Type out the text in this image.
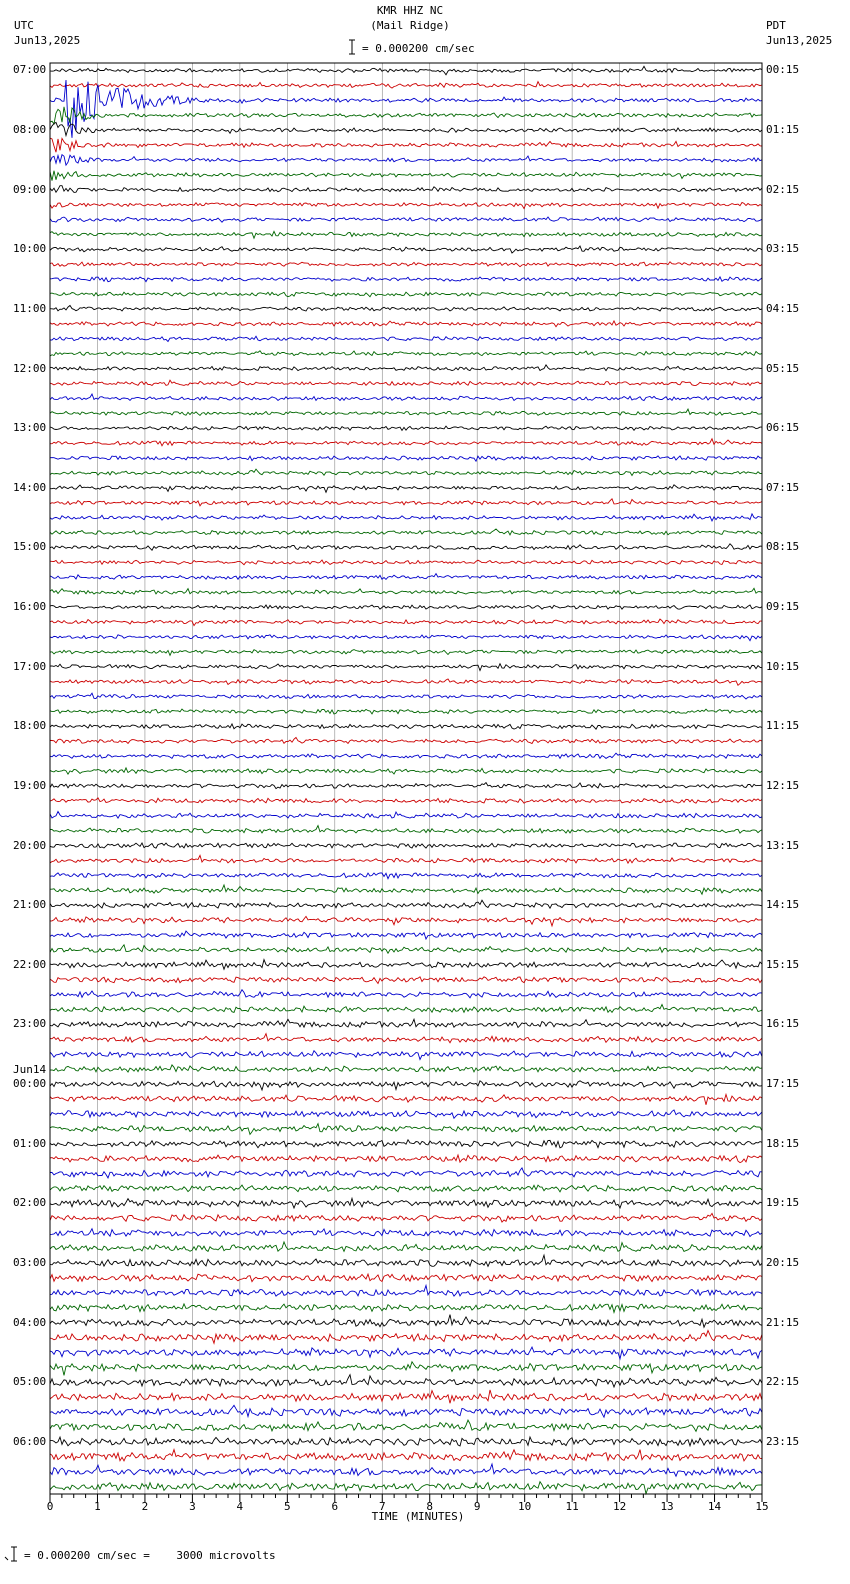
KMR HHZ NC
(Mail Ridge)
UTC
Jun13,2025
PDT
Jun13,2025
= 0.000200 cm/sec
07:00
08:00
09:00
10:00
11:00
12:00
13:00
14:00
15:00
16:00
17:00
18:00
19:00
20:00
21:00
22:00
23:00
00:00
Jun14
01:00
02:00
03:00
04:00
05:00
06:00
00:15
01:15
02:15
03:15
04:15
05:15
06:15
07:15
08:15
09:15
10:15
11:15
12:15
13:15
14:15
15:15
16:15
17:15
18:15
19:15
20:15
21:15
22:15
23:15
0	1	2	3	4	5	6	7	8	9	10	11	12	13	14	15
TIME (MINUTES)
= 0.000200 cm/sec =    3000 microvolts
